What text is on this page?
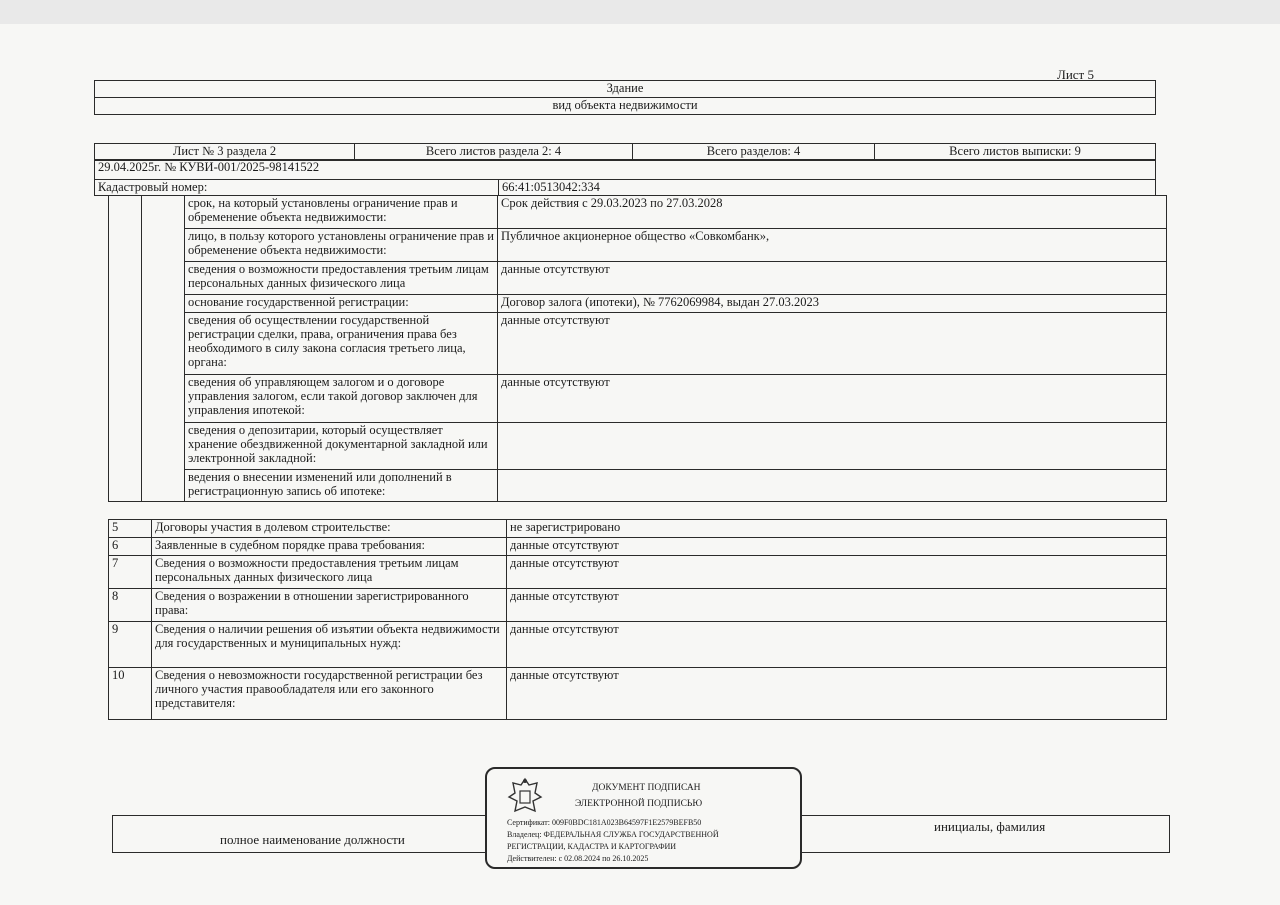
Лист 5
Здание
вид объекта недвижимости

Лист № 3 раздела 2	Всего листов раздела 2: 4	Всего разделов: 4	Всего листов выписки: 9
29.04.2025г. № КУВИ-001/2025-98141522
Кадастровый номер:	66:41:0513042:334
		срок, на который установлены ограничение прав и обременение объекта недвижимости:	Срок действия с 29.03.2023 по 27.03.2028
		лицо, в пользу которого установлены ограничение прав и обременение объекта недвижимости:	Публичное акционерное общество «Совкомбанк»,
		сведения о возможности предоставления третьим лицам персональных данных физического лица	данные отсутствуют
		основание государственной регистрации:	Договор залога (ипотеки), № 7762069984, выдан 27.03.2023
		сведения об осуществлении государственной регистрации сделки, права, ограничения права без необходимого в силу закона согласия третьего лица, органа:	данные отсутствуют
		сведения об управляющем залогом и о договоре управления залогом, если такой договор заключен для управления ипотекой:	данные отсутствуют
		сведения о депозитарии, который осуществляет хранение обездвиженной документарной закладной или электронной закладной:	
		ведения о внесении изменений или дополнений в регистрационную запись об ипотеке:	
5	Договоры участия в долевом строительстве:	не зарегистрировано
6	Заявленные в судебном порядке права требования:	данные отсутствуют
7	Сведения о возможности предоставления третьим лицам персональных данных физического лица	данные отсутствуют
8	Сведения о возражении в отношении зарегистрированного права:	данные отсутствуют
9	Сведения о наличии решения об изъятии объекта недвижимости для государственных и муниципальных нужд:	данные отсутствуют
10	Сведения о невозможности государственной регистрации без личного участия правообладателя или его законного представителя:	данные отсутствуют
полное наименование должности
инициалы, фамилия
ДОКУМЕНТ ПОДПИСАН
ЭЛЕКТРОННОЙ ПОДПИСЬЮ
Сертификат: 009F0BDC181A023B64597F1E2579BEFB50
Владелец: ФЕДЕРАЛЬНАЯ СЛУЖБА ГОСУДАРСТВЕННОЙ
РЕГИСТРАЦИИ, КАДАСТРА И КАРТОГРАФИИ
Действителен: с 02.08.2024 по 26.10.2025
